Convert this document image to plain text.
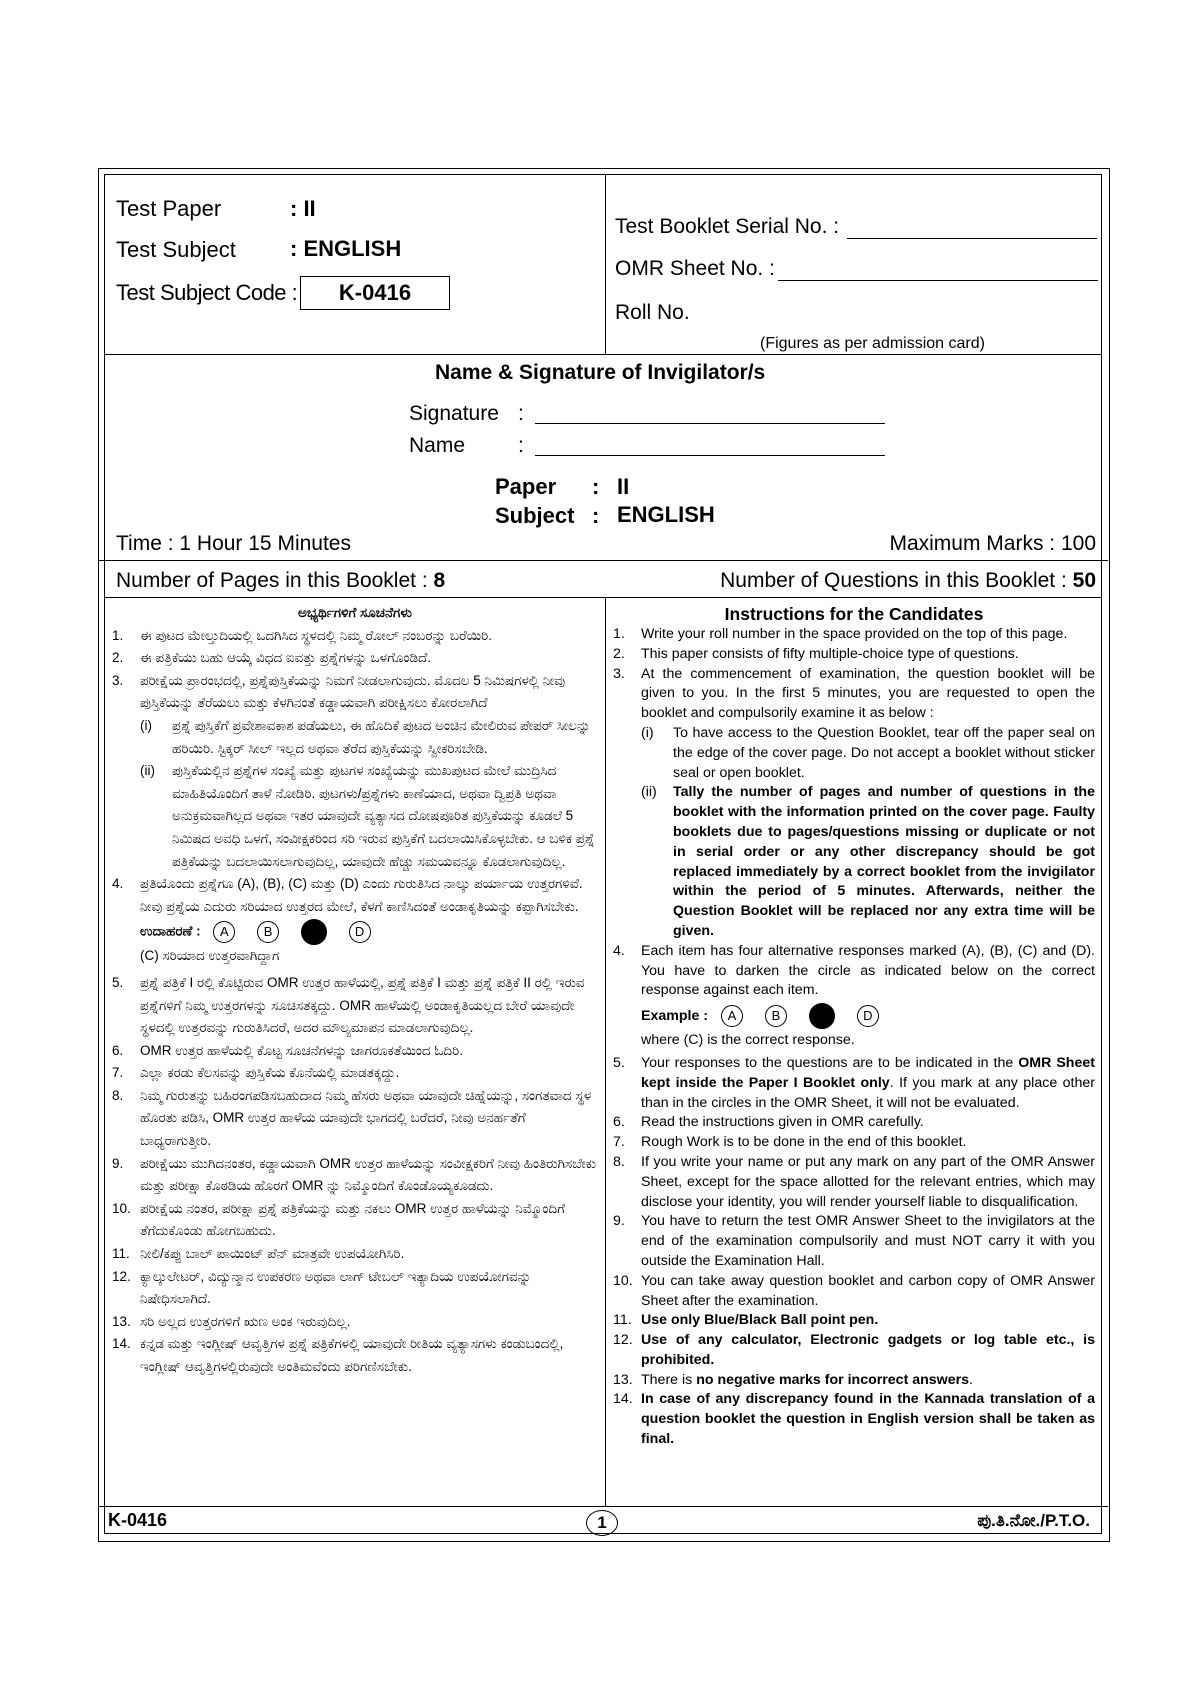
Test Paper	: II
Test Subject : ENGLISH
Test Subject Code :	K-0416
Test Booklet Serial No. :
OMR Sheet No. :
Roll No.
(Figures as per admission card)
Name & Signature of Invigilator/s
Signature :
Name	:
Paper : II
Subject : ENGLISH
Time : 1 Hour 15 Minutes	Maximum Marks : 100
Number of Pages in this Booklet : 8	Number of Questions in this Booklet : 50
ಅಭ್ಯರ್ಥಿಗಳಿಗೆ ಸೂಚನೆಗಳು
1. ಈ ಪುಟದ ಮೇಲ್ತುದಿಯಲ್ಲಿ ಒದಗಿಸಿದ ಸ್ಥಳದಲ್ಲಿ ನಿಮ್ಮ ರೋಲ್ ನಂಬರನ್ನು ಬರೆಯಿರಿ.
2. ಈ ಪತ್ರಿಕೆಯು ಬಹು ಆಯ್ಕೆ ವಿಧದ ಐವತ್ತು ಪ್ರಶ್ನೆಗಳನ್ನು ಒಳಗೊಂಡಿದೆ.
3. ಪರೀಕ್ಷೆಯ ಪ್ರಾರಂಭದಲ್ಲಿ, ಪ್ರಶ್ನೆಪುಸ್ತಿಕೆಯನ್ನು ನಿಮಗೆ ನೀಡಲಾಗುವುದು. ಮೊದಲ 5 ನಿಮಿಷಗಳಲ್ಲಿ ನೀವು ಪುಸ್ತಿಕೆಯನ್ನು ತೆರೆಯಲು ಮತ್ತು ಕೆಳಗಿನಂತೆ ಕಡ್ಡಾಯವಾಗಿ ಪರೀಕ್ಷಿಸಲು ಕೋರಲಾಗಿದೆ
(i) ಪ್ರಶ್ನೆ ಪುಸ್ತಿಕೆಗೆ ಪ್ರವೇಶಾವಕಾಶ ಪಡೆಯಲು, ಈ ಹೊದಿಕೆ ಪುಟದ ಅಂಚಿನ ಮೇಲಿರುವ ಪೇಪರ್ ಸೀಲನ್ನು ಹರಿಯಿರಿ. ಸ್ಟಿಕ್ಕರ್ ಸೀಲ್ ಇಲ್ಲದ ಅಥವಾ ತೆರೆದ ಪುಸ್ತಿಕೆಯನ್ನು ಸ್ವೀಕರಿಸಬೇಡಿ.
(ii) ಪುಸ್ತಿಕೆಯಲ್ಲಿನ ಪ್ರಶ್ನೆಗಳ ಸಂಖ್ಯೆ ಮತ್ತು ಪುಟಗಳ ಸಂಖ್ಯೆಯನ್ನು ಮುಖಪುಟದ ಮೇಲೆ ಮುದ್ರಿಸಿದ ಮಾಹಿತಿಯೊಂದಿಗೆ ತಾಳೆ ನೋಡಿರಿ. ಪುಟಗಳು/ಪ್ರಶ್ನೆಗಳು ಕಾಣೆಯಾದ, ಅಥವಾ ದ್ವಿಪ್ರತಿ ಅಥವಾ ಅನುಕ್ರಮವಾಗಿಲ್ಲದ ಅಥವಾ ಇತರ ಯಾವುದೇ ವ್ಯತ್ಯಾಸದ ದೋಷಪೂರಿತ ಪುಸ್ತಿಕೆಯನ್ನು ಕೂಡಲೆ 5 ನಿಮಿಷದ ಅವಧಿ ಒಳಗೆ, ಸಂವೀಕ್ಷಕರಿಂದ ಸರಿ ಇರುವ ಪುಸ್ತಿಕೆಗೆ ಬದಲಾಯಿಸಿಕೊಳ್ಳಬೇಕು. ಆ ಬಳಿಕ ಪ್ರಶ್ನೆ ಪತ್ರಿಕೆಯನ್ನು ಬದಲಾಯಿಸಲಾಗುವುದಿಲ್ಲ, ಯಾವುದೇ ಹೆಚ್ಚು ಸಮಯವನ್ನೂ ಕೊಡಲಾಗುವುದಿಲ್ಲ.
4. ಪ್ರತಿಯೊಂದು ಪ್ರಶ್ನೆಗೂ (A), (B), (C) ಮತ್ತು (D) ಎಂದು ಗುರುತಿಸಿದ ನಾಲ್ಕು ಪರ್ಯಾಯ ಉತ್ತರಗಳಿವೆ. ನೀವು ಪ್ರಶ್ನೆಯ ಎದುರು ಸರಿಯಾದ ಉತ್ತರದ ಮೇಲೆ, ಕೆಳಗೆ ಕಾಣಿಸಿದಂತೆ ಅಂಡಾಕೃತಿಯನ್ನು ಕಪ್ಪಾಗಿಸಬೇಕು.
ಉದಾಹರಣೆ : A	B	D
(C) ಸರಿಯಾದ ಉತ್ತರವಾಗಿದ್ದಾಗ
5. ಪ್ರಶ್ನೆ ಪತ್ರಿಕೆ I ರಲ್ಲಿ ಕೊಟ್ಟಿರುವ OMR ಉತ್ತರ ಹಾಳೆಯಲ್ಲಿ, ಪ್ರಶ್ನೆ ಪತ್ರಿಕೆ I ಮತ್ತು ಪ್ರಶ್ನೆ ಪತ್ರಿಕೆ II ರಲ್ಲಿ ಇರುವ ಪ್ರಶ್ನೆಗಳಿಗೆ ನಿಮ್ಮ ಉತ್ತರಗಳನ್ನು ಸೂಚಿಸತಕ್ಕದ್ದು. OMR ಹಾಳೆಯಲ್ಲಿ ಅಂಡಾಕೃತಿಯಲ್ಲದ ಬೇರೆ ಯಾವುದೇ ಸ್ಥಳದಲ್ಲಿ ಉತ್ತರವನ್ನು ಗುರುತಿಸಿದರೆ, ಅದರ ಮೌಲ್ಯಮಾಪನ ಮಾಡಲಾಗುವುದಿಲ್ಲ.
6. OMR ಉತ್ತರ ಹಾಳೆಯಲ್ಲಿ ಕೊಟ್ಟ ಸೂಚನೆಗಳನ್ನು ಜಾಗರೂಕತೆಯಿಂದ ಓದಿರಿ.
7. ಎಲ್ಲಾ ಕರಡು ಕೆಲಸವನ್ನು ಪುಸ್ತಿಕೆಯ ಕೊನೆಯಲ್ಲಿ ಮಾಡತಕ್ಕದ್ದು.
8. ನಿಮ್ಮ ಗುರುತನ್ನು ಬಹಿರಂಗಪಡಿಸಬಹುದಾದ ನಿಮ್ಮ ಹೆಸರು ಅಥವಾ ಯಾವುದೇ ಚಿಹ್ನೆಯನ್ನು, ಸಂಗತವಾದ ಸ್ಥಳ ಹೊರತು ಪಡಿಸಿ, OMR ಉತ್ತರ ಹಾಳೆಯ ಯಾವುದೇ ಭಾಗದಲ್ಲಿ ಬರೆದರೆ, ನೀವು ಅನರ್ಹತೆಗೆ ಬಾಧ್ಯರಾಗುತ್ತೀರಿ.
9. ಪರೀಕ್ಷೆಯು ಮುಗಿದನಂತರ, ಕಡ್ಡಾಯವಾಗಿ OMR ಉತ್ತರ ಹಾಳೆಯನ್ನು ಸಂವೀಕ್ಷಕರಿಗೆ ನೀವು ಹಿಂತಿರುಗಿಸಬೇಕು ಮತ್ತು ಪರೀಕ್ಷಾ ಕೊಠಡಿಯ ಹೊರಗೆ OMR ನ್ನು ನಿಮ್ಮೊಂದಿಗೆ ಕೊಂಡೊಯ್ಯಕೂಡದು.
10. ಪರೀಕ್ಷೆಯ ನಂತರ, ಪರೀಕ್ಷಾ ಪ್ರಶ್ನೆ ಪತ್ರಿಕೆಯನ್ನು ಮತ್ತು ನಕಲು OMR ಉತ್ತರ ಹಾಳೆಯನ್ನು ನಿಮ್ಮೊಂದಿಗೆ ತೆಗೆದುಕೊಂಡು ಹೋಗಬಹುದು.
11. ನೀಲಿ/ಕಪ್ಪು ಬಾಲ್ ಪಾಯಿಂಟ್ ಪೆನ್ ಮಾತ್ರವೇ ಉಪಯೋಗಿಸಿರಿ.
12. ಕ್ಯಾಲ್ಕುಲೇಟರ್, ವಿದ್ಯುನ್ಮಾನ ಉಪಕರಣ ಅಥವಾ ಲಾಗ್ ಟೇಬಲ್ ಇತ್ಯಾದಿಯ ಉಪಯೋಗವನ್ನು ನಿಷೇಧಿಸಲಾಗಿದೆ.
13. ಸರಿ ಅಲ್ಲದ ಉತ್ತರಗಳಿಗೆ ಋಣ ಅಂಕ ಇರುವುದಿಲ್ಲ.
14. ಕನ್ನಡ ಮತ್ತು ಇಂಗ್ಲೀಷ್ ಆವೃತ್ತಿಗಳ ಪ್ರಶ್ನೆ ಪತ್ರಿಕೆಗಳಲ್ಲಿ ಯಾವುದೇ ರೀತಿಯ ವ್ಯತ್ಯಾಸಗಳು ಕಂಡುಬಂದಲ್ಲಿ, ಇಂಗ್ಲೀಷ್ ಆವೃತ್ತಿಗಳಲ್ಲಿರುವುದೇ ಅಂತಿಮವೆಂದು ಪರಿಗಣಿಸಬೇಕು.
Instructions for the Candidates
1. Write your roll number in the space provided on the top of this page.
2. This paper consists of fifty multiple-choice type of questions.
3. At the commencement of examination, the question booklet will be given to you. In the first 5 minutes, you are requested to open the booklet and compulsorily examine it as below :
(i) To have access to the Question Booklet, tear off the paper seal on the edge of the cover page. Do not accept a booklet without sticker seal or open booklet.
(ii) Tally the number of pages and number of questions in the booklet with the information printed on the cover page. Faulty booklets due to pages/questions missing or duplicate or not in serial order or any other discrepancy should be got replaced immediately by a correct booklet from the invigilator within the period of 5 minutes. Afterwards, neither the Question Booklet will be replaced nor any extra time will be given.
4. Each item has four alternative responses marked (A), (B), (C) and (D). You have to darken the circle as indicated below on the correct response against each item.
Example : A	B	D
where (C) is the correct response.
5. Your responses to the questions are to be indicated in the OMR Sheet kept inside the Paper I Booklet only. If you mark at any place other than in the circles in the OMR Sheet, it will not be evaluated.
6. Read the instructions given in OMR carefully.
7. Rough Work is to be done in the end of this booklet.
8. If you write your name or put any mark on any part of the OMR Answer Sheet, except for the space allotted for the relevant entries, which may disclose your identity, you will render yourself liable to disqualification.
9. You have to return the test OMR Answer Sheet to the invigilators at the end of the examination compulsorily and must NOT carry it with you outside the Examination Hall.
10. You can take away question booklet and carbon copy of OMR Answer Sheet after the examination.
11. Use only Blue/Black Ball point pen.
12. Use of any calculator, Electronic gadgets or log table etc., is prohibited.
13. There is no negative marks for incorrect answers.
14. In case of any discrepancy found in the Kannada translation of a question booklet the question in English version shall be taken as final.
K-0416	1	ಪು.ತಿ.ನೋ./P.T.O.
